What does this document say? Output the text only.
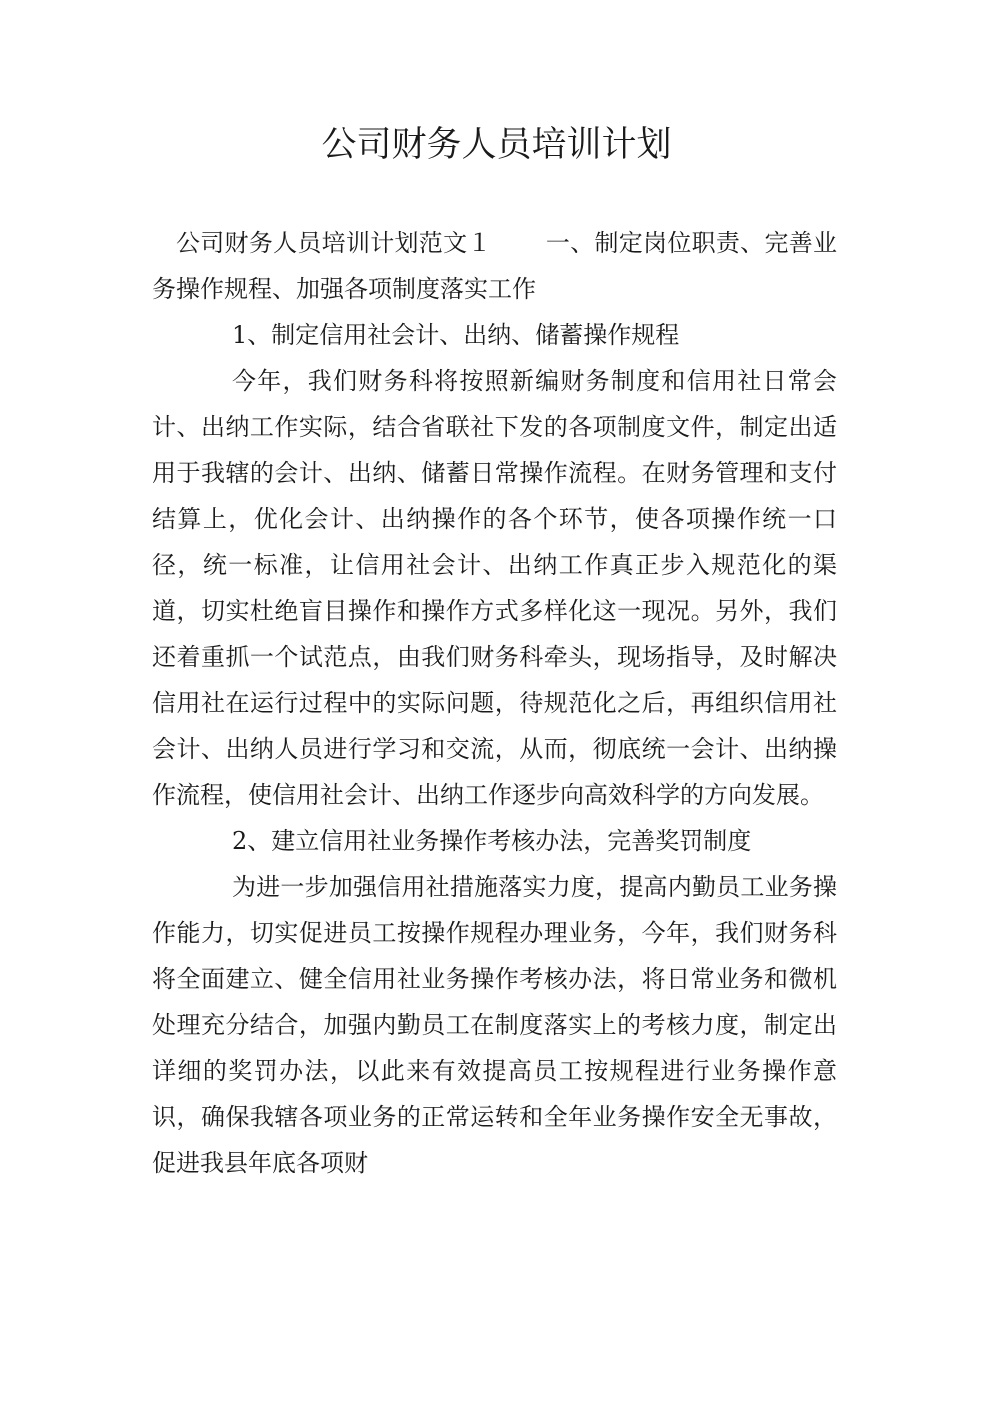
公司财务人员培训计划

公司财务人员培训计划范文１ 一、制定岗位职责、完善业务操作规程、加强各项制度落实工作

1、制定信用社会计、出纳、储蓄操作规程

今年，我们财务科将按照新编财务制度和信用社日常会计、出纳工作实际，结合省联社下发的各项制度文件，制定出适用于我辖的会计、出纳、储蓄日常操作流程。在财务管理和支付结算上，优化会计、出纳操作的各个环节，使各项操作统一口径，统一标准，让信用社会计、出纳工作真正步入规范化的渠道，切实杜绝盲目操作和操作方式多样化这一现况。另外，我们还着重抓一个试范点，由我们财务科牵头，现场指导，及时解决信用社在运行过程中的实际问题，待规范化之后，再组织信用社会计、出纳人员进行学习和交流，从而，彻底统一会计、出纳操作流程，使信用社会计、出纳工作逐步向高效科学的方向发展。

2、建立信用社业务操作考核办法，完善奖罚制度

为进一步加强信用社措施落实力度，提高内勤员工业务操作能力，切实促进员工按操作规程办理业务，今年，我们财务科将全面建立、健全信用社业务操作考核办法，将日常业务和微机处理充分结合，加强内勤员工在制度落实上的考核力度，制定出详细的奖罚办法，以此来有效提高员工按规程进行业务操作意识，确保我辖各项业务的正常运转和全年业务操作安全无事故，促进我县年底各项财
